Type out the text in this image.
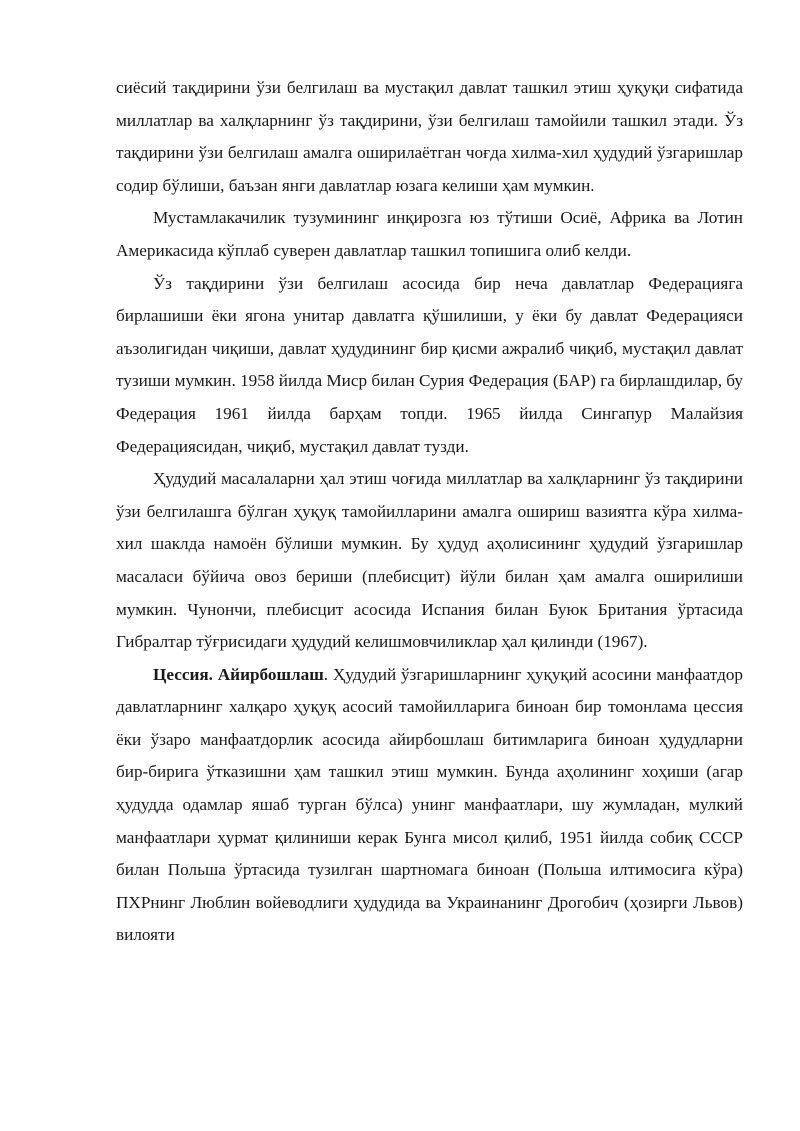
сиёсий тақдирини ўзи белгилаш ва мустақил давлат ташкил этиш ҳуқуқи сифатида миллатлар ва халқларнинг ўз тақдирини, ўзи белгилаш тамойили ташкил этади. Ўз тақдирини ўзи белгилаш амалга оширилаётган чоғда хилма-хил ҳудудий ўзгаришлар содир бўлиши, баъзан янги давлатлар юзага келиши ҳам мумкин.

Мустамлакачилик тузумининг инқирозга юз тўтиши Осиё, Африка ва Лотин Америкасида кўплаб суверен давлатлар ташкил топишига олиб келди.

Ўз тақдирини ўзи белгилаш асосида бир неча давлатлар Федерацияга бирлашиши ёки ягона унитар давлатга қўшилиши, у ёки бу давлат Федерацияси аъзолигидан чиқиши, давлат ҳудудининг бир қисми ажралиб чиқиб, мустақил давлат тузиши мумкин. 1958 йилда Миср билан Сурия Федерация (БАР) га бирлашдилар, бу Федерация 1961 йилда барҳам топди. 1965 йилда Сингапур Малайзия Федерациясидан, чиқиб, мустақил давлат тузди.

Ҳудудий масалаларни ҳал этиш чоғида миллатлар ва халқларнинг ўз тақдирини ўзи белгилашга бўлган ҳуқуқ тамойилларини амалга ошириш вазиятга кўра хилма-хил шаклда намоён бўлиши мумкин. Бу ҳудуд аҳолисининг ҳудудий ўзгаришлар масаласи бўйича овоз бериши (плебисцит) йўли билан ҳам амалга оширилиши мумкин. Чунончи, плебисцит асосида Испания билан Буюк Британия ўртасида Гибралтар тўғрисидаги ҳудудий келишмовчиликлар ҳал қилинди (1967).

Цессия. Айирбошлаш. Ҳудудий ўзгаришларнинг ҳуқуқий асосини манфаатдор давлатларнинг халқаро ҳуқуқ асосий тамойилларига биноан бир томонлама цессия ёки ўзаро манфаатдорлик асосида айирбошлаш битимларига биноан ҳудудларни бир-бирига ўтказишни ҳам ташкил этиш мумкин. Бунда аҳолининг хоҳиши (агар ҳудудда одамлар яшаб турган бўлса) унинг манфаатлари, шу жумладан, мулкий манфаатлари ҳурмат қилиниши керак Бунга мисол қилиб, 1951 йилда собиқ СССР билан Польша ўртасида тузилган шартномага биноан (Польша илтимосига кўра) ПХРнинг Люблин войеводлиги ҳудудида ва Украинанинг Дрогобич (ҳозирги Львов) вилояти
